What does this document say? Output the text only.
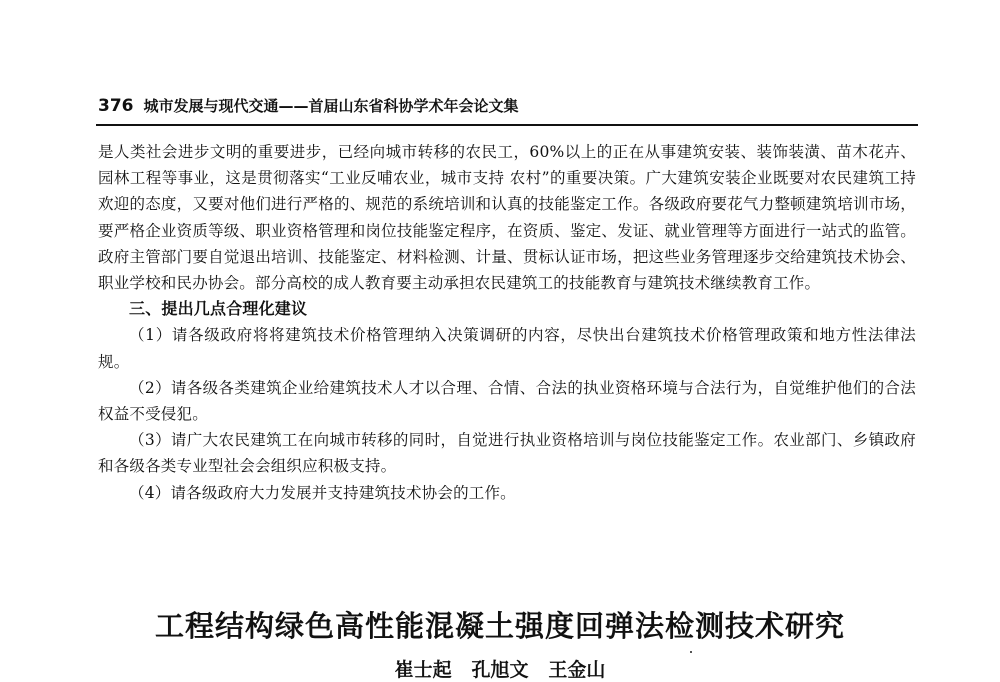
376 城市发展与现代交通——首届山东省科协学术年会论文集

是人类社会进步文明的重要进步，已经向城市转移的农民工，60%以上的正在从事建筑安装、装饰装潢、苗木花卉、园林工程等事业，这是贯彻落实“工业反哺农业，城市支持 农村”的重要决策。广大建筑安装企业既要对农民建筑工持欢迎的态度，又要对他们进行严格的、规范的系统培训和认真的技能鉴定工作。各级政府要花气力整顿建筑培训市场，要严格企业资质等级、职业资格管理和岗位技能鉴定程序，在资质、鉴定、发证、就业管理等方面进行一站式的监管。政府主管部门要自觉退出培训、技能鉴定、材料检测、计量、贯标认证市场，把这些业务管理逐步交给建筑技术协会、职业学校和民办协会。部分高校的成人教育要主动承担农民建筑工的技能教育与建筑技术继续教育工作。

三、提出几点合理化建议

（1）请各级政府将将建筑技术价格管理纳入决策调研的内容，尽快出台建筑技术价格管理政策和地方性法律法规。

（2）请各级各类建筑企业给建筑技术人才以合理、合情、合法的执业资格环境与合法行为，自觉维护他们的合法权益不受侵犯。

（3）请广大农民建筑工在向城市转移的同时，自觉进行执业资格培训与岗位技能鉴定工作。农业部门、乡镇政府和各级各类专业型社会会组织应积极支持。

（4）请各级政府大力发展并支持建筑技术协会的工作。

工程结构绿色高性能混凝土强度回弹法检测技术研究
崔士起   孔旭文   王金山
